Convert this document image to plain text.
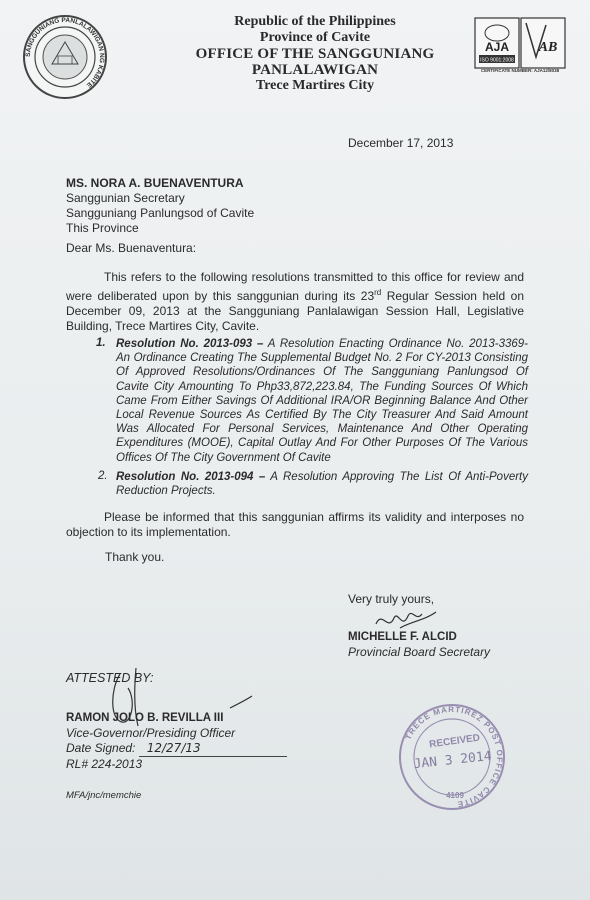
SANGGUNIANG PANLALAWIGAN NG KABITE

Republic of the Philippines

Province of Cavite

OFFICE OF THE SANGGUNIANG PANLALAWIGAN

Trece Martires City

AJA
ISO 9001:2008
AB
CERTIFICATE NUMBER: AJA12/8038
December 17, 2013
MS. NORA A. BUENAVENTURA
Sanggunian Secretary
Sangguniang Panlungsod of Cavite
This Province
Dear Ms. Buenaventura:
This refers to the following resolutions transmitted to this office for review and were deliberated upon by this sanggunian during its 23rd Regular Session held on December 09, 2013 at the Sangguniang Panlalawigan Session Hall, Legislative Building, Trece Martires City, Cavite.
1. Resolution No. 2013-093 – A Resolution Enacting Ordinance No. 2013-3369- An Ordinance Creating The Supplemental Budget No. 2 For CY-2013 Consisting Of Approved Resolutions/Ordinances Of The Sangguniang Panlungsod Of Cavite City Amounting To Php33,872,223.84, The Funding Sources Of Which Came From Either Savings Of Additional IRA/OR Beginning Balance And Other Local Revenue Sources As Certified By The City Treasurer And Said Amount Was Allocated For Personal Services, Maintenance And Other Operating Expenditures (MOOE), Capital Outlay And For Other Purposes Of The Various Offices Of The City Government Of Cavite
2. Resolution No. 2013-094 – A Resolution Approving The List Of Anti-Poverty Reduction Projects.
Please be informed that this sanggunian affirms its validity and interposes no objection to its implementation.
Thank you.
Very truly yours,
MICHELLE F. ALCID
Provincial Board Secretary
ATTESTED BY:
RAMON JOLO B. REVILLA III
Vice-Governor/Presiding Officer
Date Signed: 12/27/13
RL# 224-2013
MFA/jnc/memchie
TRECE MARTIREZ POST OFFICE CAVITE
RECEIVED
JAN 3 2014
4109
